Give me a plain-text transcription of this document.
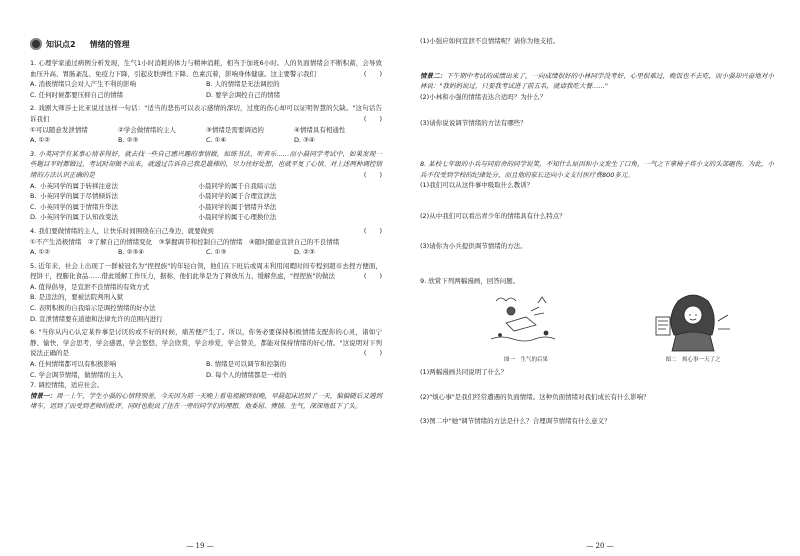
知识点2 情绪的管理

1. 心理学家通过病例分析发现，生气1小时消耗的体力与精神消耗，相当于加班6小时。人的负面情绪会不断积蓄，会导致血压升高、胃肠紊乱、免疫力下降，引起皮肤弹性下降、色素沉着，影响身体健康。这主要警示我们	(　　)

A. 消极情绪只会对人产生不利的影响	B. 人的情绪是无法调控的
C. 任何时候都要压抑自己的情绪	D. 要学会调控自己的情绪

2. 戏剧大师莎士比亚说过这样一句话："适当的悲伤可以表示感情的深切，过度的伤心却可以证明智慧的欠缺。"这句话告诉我们	(　　)

①可以随意发泄情绪	②学会做情绪的主人	③情绪是需要调适的	④情绪具有相通性
A. ①②	B. ②③	C. ①④	D. ③④

3. 小英同学有某事心情非得好，就去找一些自己感兴趣的事情做，如练书法、听音乐……而小晨同学考试中，如果发现一些题目平时都做过，考试时却做不出来，就通过告诉自己我是最棒的，尽力往好处想，也就平复了心情。对上述两种调控情绪的方法认识正确的是	(　　)

A. 小英同学的属于转移注意法	小晨同学的属于自我暗示法
B. 小英同学的属于尽情倾诉法	小晨同学的属于合理宣泄法
C. 小英同学的属于情绪升华法	小晨同学的属于情绪升华法
D. 小英同学的属于认知改变法	小晨同学的属于心理换位法

4. 我们要做情绪的主人，让快乐时间围绕在自己身边，就要做到	(　　)

①不产生消极情绪　 ②了解自己的情绪变化　 ③掌握调节和控制自己的情绪　 ④随时随意宣泄自己的不良情绪

A. ①②	B. ②③④	C. ①③	D. ②③

5. 近年来，社会上出现了一群被冠名为"捏捏族"的年轻白领，他们在下班后或周末利用闲暇时间专程到超市去捏方便面，捏饼干，捏膨化食品……借此缓解工作压力，据称，他们此举是为了释放压力、缓解焦虑，"捏捏族"的做法	(　　)

A. 值得倡导，是宣泄不良情绪的有效方式

B. 是违法的，要被法院判刑入狱

C. 表明积极的自我暗示是调控情绪的好办法

D. 宣泄情绪要在道德和法律允许的范围内进行

6. "当你从内心认定某件事是讨厌的或不好的时候，痛苦便产生了。所以，你务必要保持积极情绪支配你的心灵，诸如宁静、愉快、学会思考，学会感恩，学会悠悠，学会欣赏，学会珍爱，学会赞美，都能对保持情绪的好心情。"这说明对下列说法正确的是	(　　)

A. 任何情绪都可以有积极影响	B. 情绪是可以调节和控制的
C. 学会调节情绪，做情绪的主人	D. 每个人的情绪都是一样的

7. 调控情绪，适应社会。

情景一：周一上午，学生小强的心情特别差，今天因为前一天晚上看电视剧到很晚，早晨起床迟到了一天，偏偏随后又遇到堵车，迟到了而受到老师的批评。同时也脱说了住在一旁的同学们的理想。他委屈、懊恼、生气，深深地低下了头。

— 19 —

(1)小强应如何宣泄不良情绪呢？请你为他支招。

情景二：下午期中考试的成绩出来了，一向成绩很好的小林同学没考好，心里很难过，晚饭也不去吃，而小强却兴奋地对小林说："我妈妈说过，只要我考试进了前五名，就请我吃大餐……"

(2)小林和小强的情绪表达合适吗？为什么？

(3)请你说说调节情绪的方法有哪些？

8. 某校七年级的小兵与同宿舍的同学说笑，不知什么原因和小文发生了口角，一气之下拿椅子将小文的头部砸伤。为此，小兵不仅受到学校的纪律处分，而且他的家长还向小文支付医疗费800多元。

(1)我们可以从这件事中吸取什么教训？

(2)从中我们可以看出青少年的情绪具有什么特点？

(3)请你为小兵提供调节情绪的方法。

9. 欣赏下列两幅漫画，回答问题。

图一　生气的后果	图二　烦心事一天了之

(1)两幅漫画共同说明了什么？

(2)"烦心事"是我们经常遭遇的负面情绪。这种负面情绪对我们成长有什么影响？

(3)图二中"她"调节情绪的方法是什么？合理调节情绪有什么意义？

— 20 —
